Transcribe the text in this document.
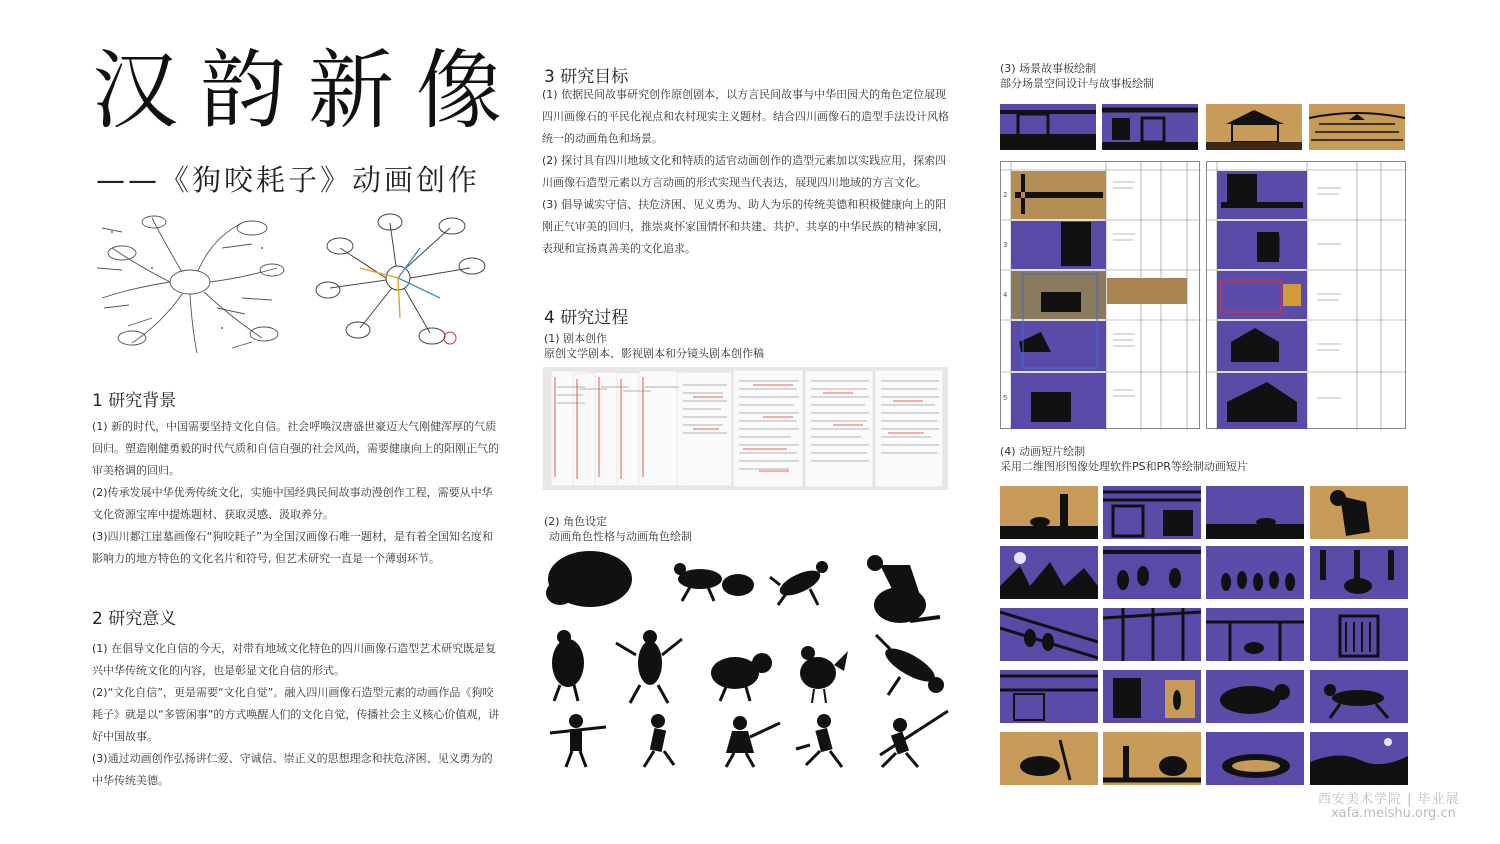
汉韵新像
——《狗咬耗子》动画创作
1 研究背景

(1) 新的时代，中国需要坚持文化自信。社会呼唤汉唐盛世豪迈大气刚健浑厚的气质回归。塑造刚健勇毅的时代气质和自信自强的社会风尚，需要健康向上的阳刚正气的审美格调的回归。

(2)传承发展中华优秀传统文化，实施中国经典民间故事动漫创作工程，需要从中华文化资源宝库中提炼题材、获取灵感、汲取养分。

(3)四川郪江崖墓画像石“狗咬耗子”为全国汉画像石唯一题材，是有着全国知名度和影响力的地方特色的文化名片和符号, 但艺术研究一直是一个薄弱环节。

2 研究意义

(1) 在倡导文化自信的今天，对带有地域文化特色的四川画像石造型艺术研究既是复兴中华传统文化的内容，也是彰显文化自信的形式。

(2)“文化自信”，更是需要“文化自觉”。融入四川画像石造型元素的动画作品《狗咬耗子》就是以“多管闲事”的方式唤醒人们的文化自觉，传播社会主义核心价值观，讲好中国故事。

(3)通过动画创作弘扬讲仁爱、守诚信、崇正义的思想理念和扶危济困、见义勇为的中华传统美德。

3 研究目标

(1) 依据民间故事研究创作原创剧本，以方言民间故事与中华田园犬的角色定位展现四川画像石的平民化视点和农村现实主义题材。结合四川画像石的造型手法设计风格统一的动画角色和场景。

(2) 探讨具有四川地域文化和特质的适官动画创作的造型元素加以实践应用，探索四川画像石造型元素以方言动画的形式实现当代表达，展现四川地域的方言文化。

(3) 倡导诚实守信、扶危济困、见义勇为、助人为乐的传统美德和积极健康向上的阳刚正气审美的回归，推崇爽怀家国情怀和共建、共护、共享的中华民族的精神家园，表现和宣扬真善美的文化追求。

4 研究过程
(1) 剧本创作
原创文学剧本、影视剧本和分镜头剧本创作稿
(2) 角色设定
动画角色性格与动画角色绘制
(3) 场景故事板绘制
部分场景空间设计与故事板绘制
2
3
4
5
(4) 动画短片绘制
采用二维图形图像处理软件PS和PR等绘制动画短片
西安美术学院 | 毕业展
xafa.meishu.org.cn
